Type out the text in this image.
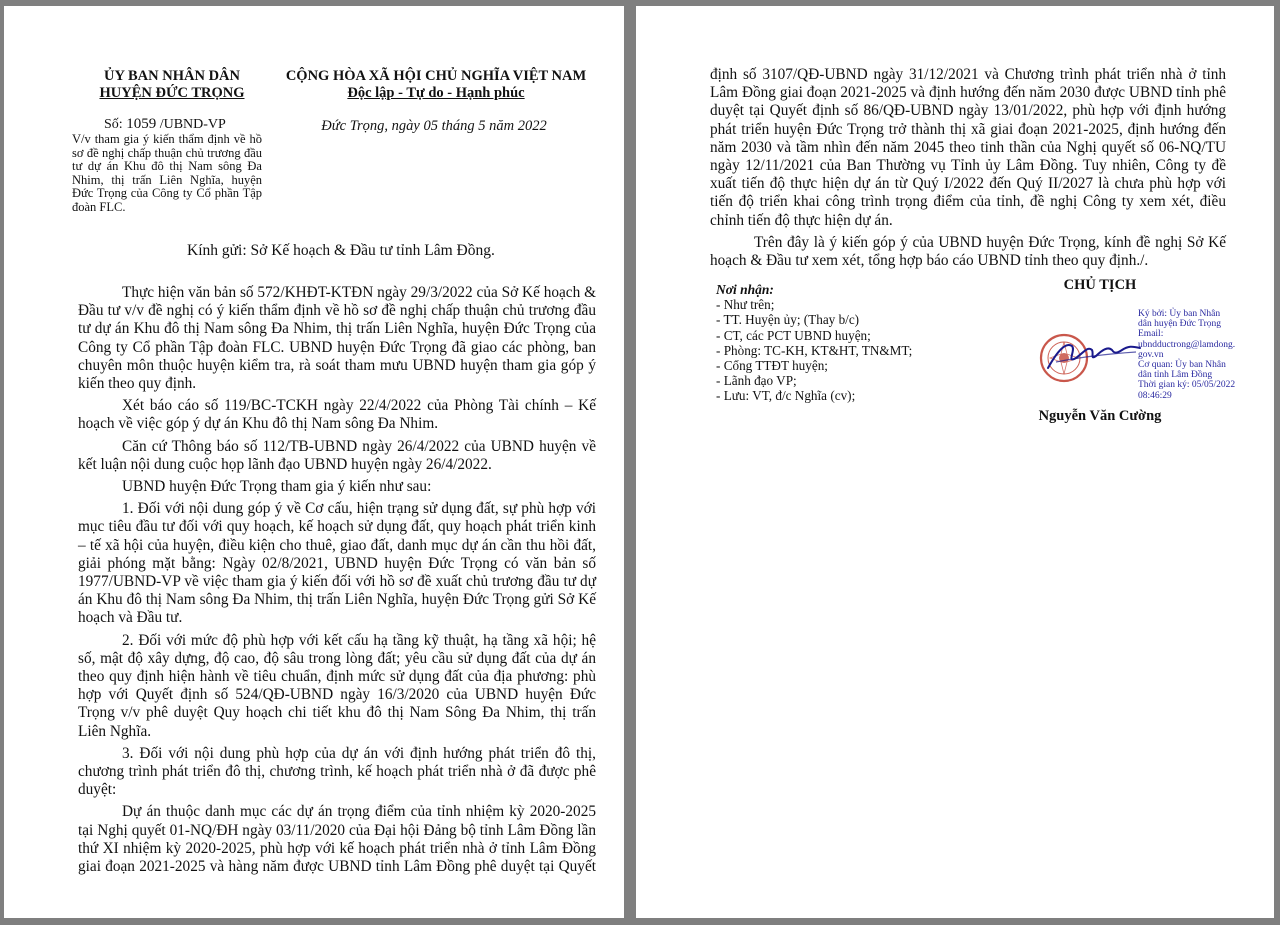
ỦY BAN NHÂN DÂN
HUYỆN ĐỨC TRỌNG
CỘNG HÒA XÃ HỘI CHỦ NGHĨA VIỆT NAM
Độc lập - Tự do - Hạnh phúc
Số: 1059 /UBND-VP
V/v tham gia ý kiến thẩm định về hồ sơ đề nghị chấp thuận chủ trương đầu tư dự án Khu đô thị Nam sông Đa Nhim, thị trấn Liên Nghĩa, huyện Đức Trọng của Công ty Cổ phần Tập đoàn FLC.
Đức Trọng, ngày 05 tháng 5 năm 2022
Kính gửi: Sở Kế hoạch & Đầu tư tỉnh Lâm Đồng.

Thực hiện văn bản số 572/KHĐT-KTĐN ngày 29/3/2022 của Sở Kế hoạch & Đầu tư v/v đề nghị có ý kiến thẩm định về hồ sơ đề nghị chấp thuận chủ trương đầu tư dự án Khu đô thị Nam sông Đa Nhim, thị trấn Liên Nghĩa, huyện Đức Trọng của Công ty Cổ phần Tập đoàn FLC. UBND huyện Đức Trọng đã giao các phòng, ban chuyên môn thuộc huyện kiểm tra, rà soát tham mưu UBND huyện tham gia góp ý kiến theo quy định.

Xét báo cáo số 119/BC-TCKH ngày 22/4/2022 của Phòng Tài chính – Kế hoạch về việc góp ý dự án Khu đô thị Nam sông Đa Nhim.

Căn cứ Thông báo số 112/TB-UBND ngày 26/4/2022 của UBND huyện về kết luận nội dung cuộc họp lãnh đạo UBND huyện ngày 26/4/2022.

UBND huyện Đức Trọng tham gia ý kiến như sau:

1. Đối với nội dung góp ý về Cơ cấu, hiện trạng sử dụng đất, sự phù hợp với mục tiêu đầu tư đối với quy hoạch, kế hoạch sử dụng đất, quy hoạch phát triển kinh – tế xã hội của huyện, điều kiện cho thuê, giao đất, danh mục dự án cần thu hồi đất, giải phóng mặt bằng: Ngày 02/8/2021, UBND huyện Đức Trọng có văn bản số 1977/UBND-VP về việc tham gia ý kiến đối với hồ sơ đề xuất chủ trương đầu tư dự án Khu đô thị Nam sông Đa Nhim, thị trấn Liên Nghĩa, huyện Đức Trọng gửi Sở Kế hoạch và Đầu tư.

2. Đối với mức độ phù hợp với kết cấu hạ tầng kỹ thuật, hạ tầng xã hội; hệ số, mật độ xây dựng, độ cao, độ sâu trong lòng đất; yêu cầu sử dụng đất của dự án theo quy định hiện hành về tiêu chuẩn, định mức sử dụng đất của địa phương: phù hợp với Quyết định số 524/QĐ-UBND ngày 16/3/2020 của UBND huyện Đức Trọng v/v phê duyệt Quy hoạch chi tiết khu đô thị Nam Sông Đa Nhim, thị trấn Liên Nghĩa.

3. Đối với nội dung phù hợp của dự án với định hướng phát triển đô thị, chương trình phát triển đô thị, chương trình, kế hoạch phát triển nhà ở đã được phê duyệt:

Dự án thuộc danh mục các dự án trọng điểm của tỉnh nhiệm kỳ 2020-2025 tại Nghị quyết 01-NQ/ĐH ngày 03/11/2020 của Đại hội Đảng bộ tỉnh Lâm Đồng lần thứ XI nhiệm kỳ 2020-2025, phù hợp với kế hoạch phát triển nhà ở tỉnh Lâm Đồng giai đoạn 2021-2025 và hàng năm được UBND tỉnh Lâm Đồng phê duyệt tại Quyết

định số 3107/QĐ-UBND ngày 31/12/2021 và Chương trình phát triển nhà ở tỉnh Lâm Đồng giai đoạn 2021-2025 và định hướng đến năm 2030 được UBND tỉnh phê duyệt tại Quyết định số 86/QĐ-UBND ngày 13/01/2022, phù hợp với định hướng phát triển huyện Đức Trọng trở thành thị xã giai đoạn 2021-2025, định hướng đến năm 2030 và tầm nhìn đến năm 2045 theo tinh thần của Nghị quyết số 06-NQ/TU ngày 12/11/2021 của Ban Thường vụ Tỉnh ủy Lâm Đồng. Tuy nhiên, Công ty đề xuất tiến độ thực hiện dự án từ Quý I/2022 đến Quý II/2027 là chưa phù hợp với tiến độ triển khai công trình trọng điểm của tỉnh, đề nghị Công ty xem xét, điều chỉnh tiến độ thực hiện dự án.

Trên đây là ý kiến góp ý của UBND huyện Đức Trọng, kính đề nghị Sở Kế hoạch & Đầu tư xem xét, tổng hợp báo cáo UBND tỉnh theo quy định./.

Nơi nhận:
- Như trên;
- TT. Huyện ủy; (Thay b/c)
- CT, các PCT UBND huyện;
- Phòng: TC-KH, KT&HT, TN&MT;
- Cổng TTĐT huyện;
- Lãnh đạo VP;
- Lưu: VT, đ/c Nghĩa (cv);
CHỦ TỊCH
Ký bởi: Ủy ban Nhân
dân huyện Đức Trọng
Email:
ubndductrong@lamdong.
gov.vn
Cơ quan: Ủy ban Nhân
dân tỉnh Lâm Đồng
Thời gian ký: 05/05/2022
08:46:29
Nguyễn Văn Cường
